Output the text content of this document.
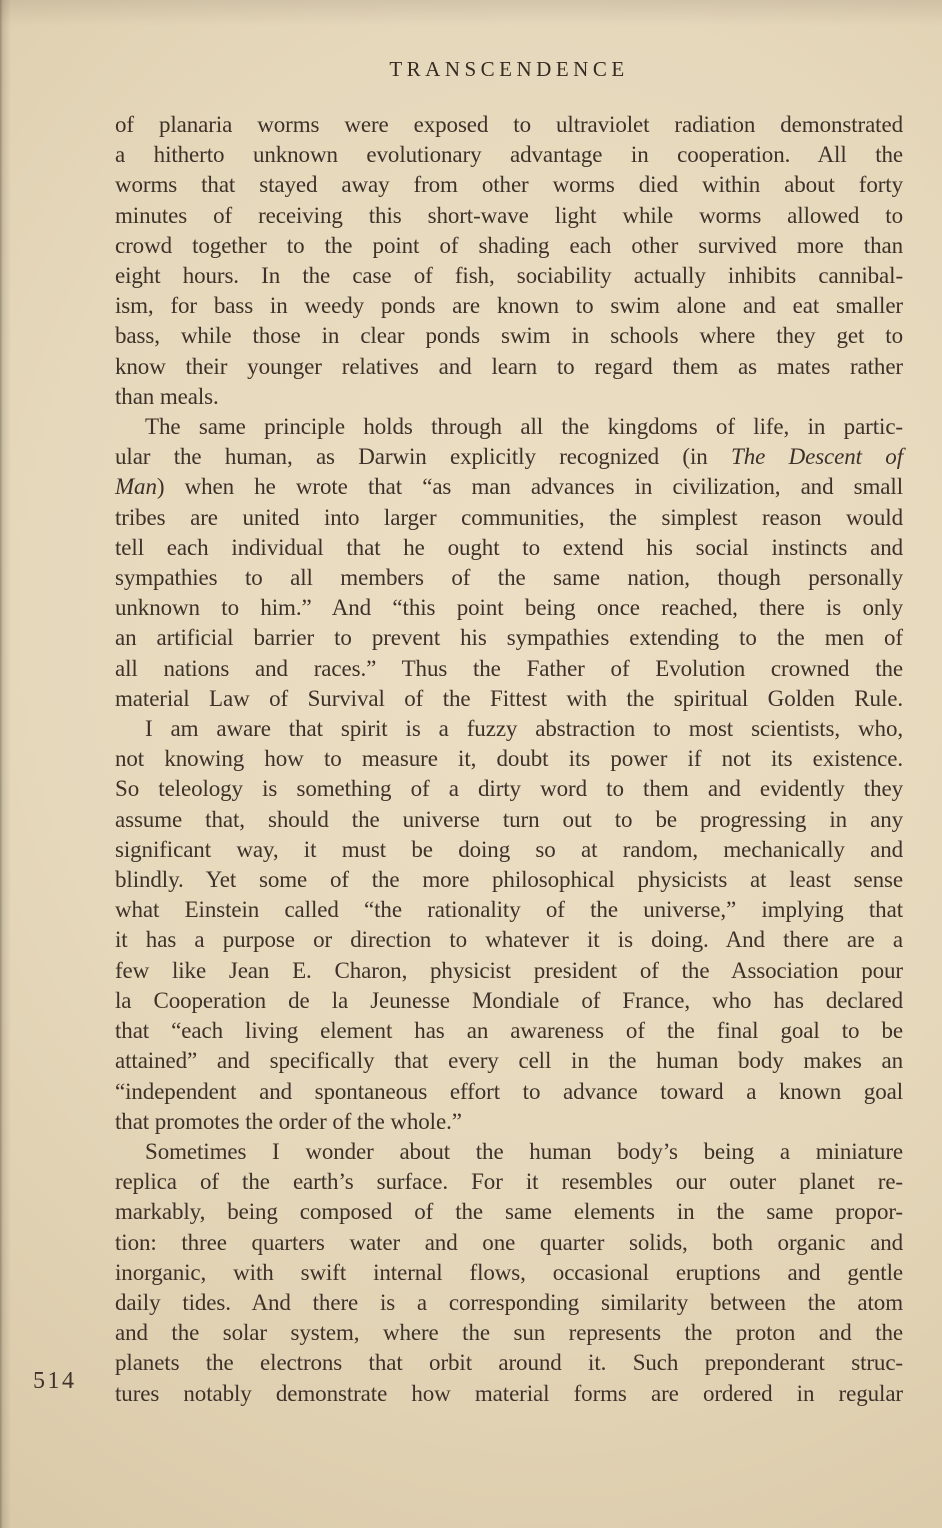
TRANSCENDENCE
of planaria worms were exposed to ultraviolet radiation demonstrated
a hitherto unknown evolutionary advantage in cooperation. All the
worms that stayed away from other worms died within about forty
minutes of receiving this short-wave light while worms allowed to
crowd together to the point of shading each other survived more than
eight hours. In the case of fish, sociability actually inhibits cannibal-
ism, for bass in weedy ponds are known to swim alone and eat smaller
bass, while those in clear ponds swim in schools where they get to
know their younger relatives and learn to regard them as mates rather
than meals.
The same principle holds through all the kingdoms of life, in partic-
ular the human, as Darwin explicitly recognized (in The Descent of
Man) when he wrote that “as man advances in civilization, and small
tribes are united into larger communities, the simplest reason would
tell each individual that he ought to extend his social instincts and
sympathies to all members of the same nation, though personally
unknown to him.” And “this point being once reached, there is only
an artificial barrier to prevent his sympathies extending to the men of
all nations and races.” Thus the Father of Evolution crowned the
material Law of Survival of the Fittest with the spiritual Golden Rule.
I am aware that spirit is a fuzzy abstraction to most scientists, who,
not knowing how to measure it, doubt its power if not its existence.
So teleology is something of a dirty word to them and evidently they
assume that, should the universe turn out to be progressing in any
significant way, it must be doing so at random, mechanically and
blindly. Yet some of the more philosophical physicists at least sense
what Einstein called “the rationality of the universe,” implying that
it has a purpose or direction to whatever it is doing. And there are a
few like Jean E. Charon, physicist president of the Association pour
la Cooperation de la Jeunesse Mondiale of France, who has declared
that “each living element has an awareness of the final goal to be
attained” and specifically that every cell in the human body makes an
“independent and spontaneous effort to advance toward a known goal
that promotes the order of the whole.”
Sometimes I wonder about the human body’s being a miniature
replica of the earth’s surface. For it resembles our outer planet re-
markably, being composed of the same elements in the same propor-
tion: three quarters water and one quarter solids, both organic and
inorganic, with swift internal flows, occasional eruptions and gentle
daily tides. And there is a corresponding similarity between the atom
and the solar system, where the sun represents the proton and the
planets the electrons that orbit around it. Such preponderant struc-
tures notably demonstrate how material forms are ordered in regular
514
